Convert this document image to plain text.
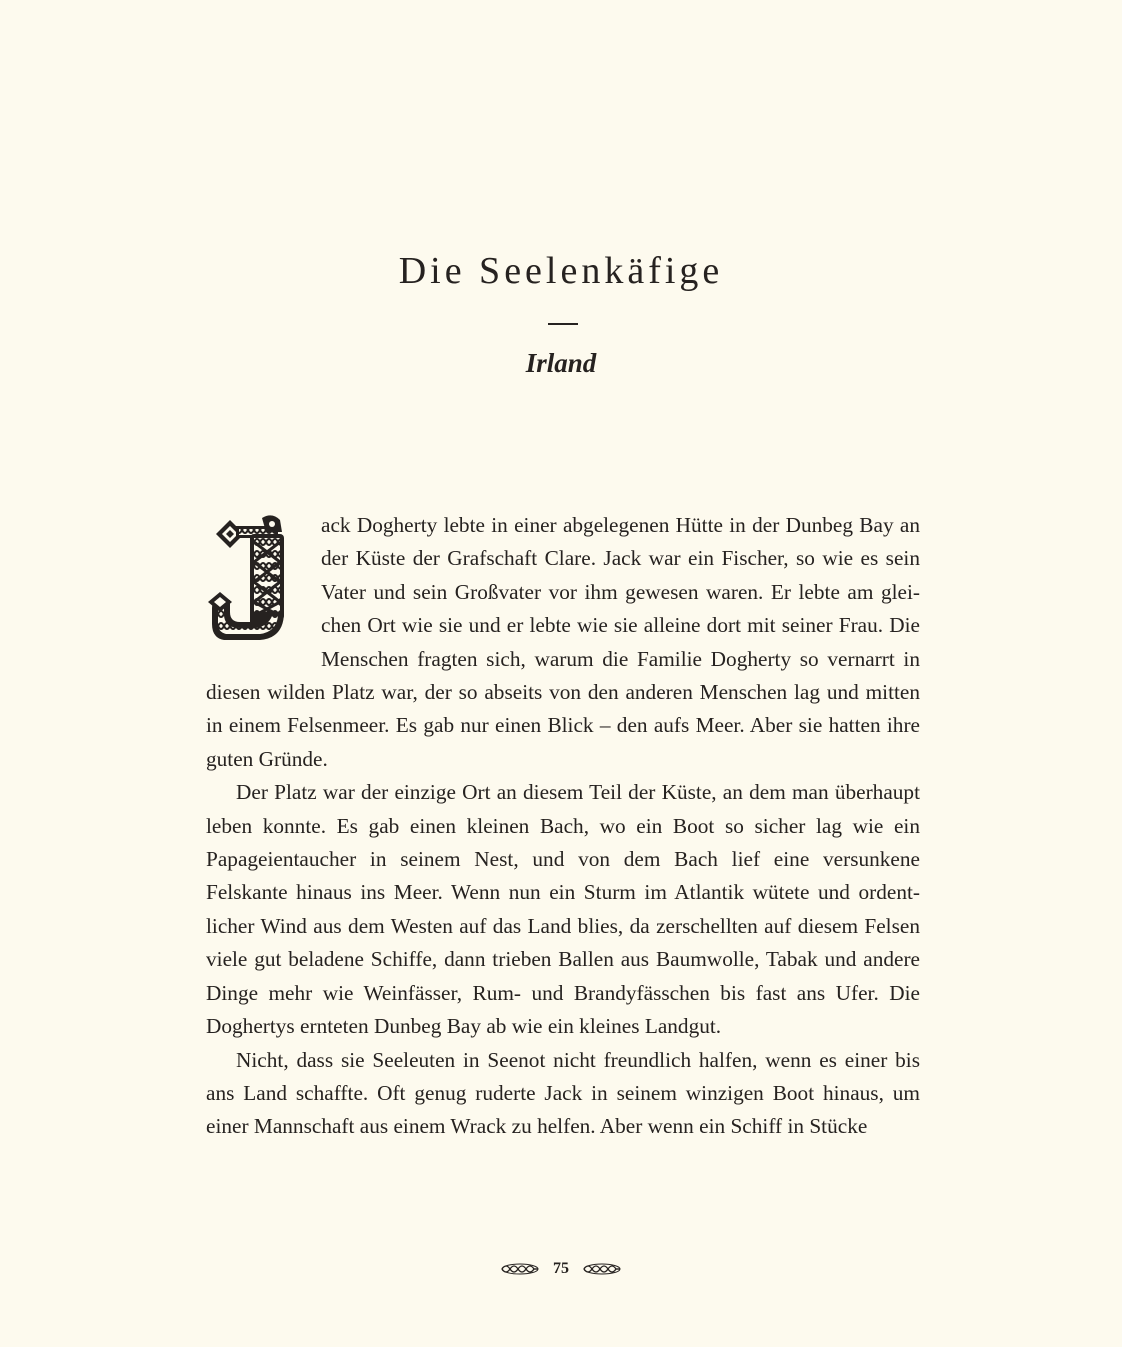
Die Seelenkäfige
Irland

ack Dogherty lebte in einer abgelegenen Hütte in der Dunbeg Bay an der Küste der Grafschaft Clare. Jack war ein Fischer, so wie es sein Vater und sein Großvater vor ihm gewesen waren. Er lebte am gleichen Ort wie sie und er lebte wie sie alleine dort mit seiner Frau. Die Menschen fragten sich, warum die Familie Dogherty so vernarrt in diesen wilden Platz war, der so abseits von den anderen Menschen lag und mitten in einem Felsenmeer. Es gab nur einen Blick – den aufs Meer. Aber sie hatten ihre guten Gründe.

Der Platz war der einzige Ort an diesem Teil der Küste, an dem man überhaupt leben konnte. Es gab einen kleinen Bach, wo ein Boot so sicher lag wie ein Papageientaucher in seinem Nest, und von dem Bach lief eine versunkene Felskante hinaus ins Meer. Wenn nun ein Sturm im Atlantik wütete und ordentlicher Wind aus dem Westen auf das Land blies, da zerschellten auf diesem Felsen viele gut beladene Schiffe, dann trieben Ballen aus Baumwolle, Tabak und andere Dinge mehr wie Weinfässer, Rum- und Brandyfässchen bis fast ans Ufer. Die Doghertys ernteten Dunbeg Bay ab wie ein kleines Landgut.

Nicht, dass sie Seeleuten in Seenot nicht freundlich halfen, wenn es einer bis ans Land schaffte. Oft genug ruderte Jack in seinem winzigen Boot hinaus, um einer Mannschaft aus einem Wrack zu helfen. Aber wenn ein Schiff in Stücke

75
